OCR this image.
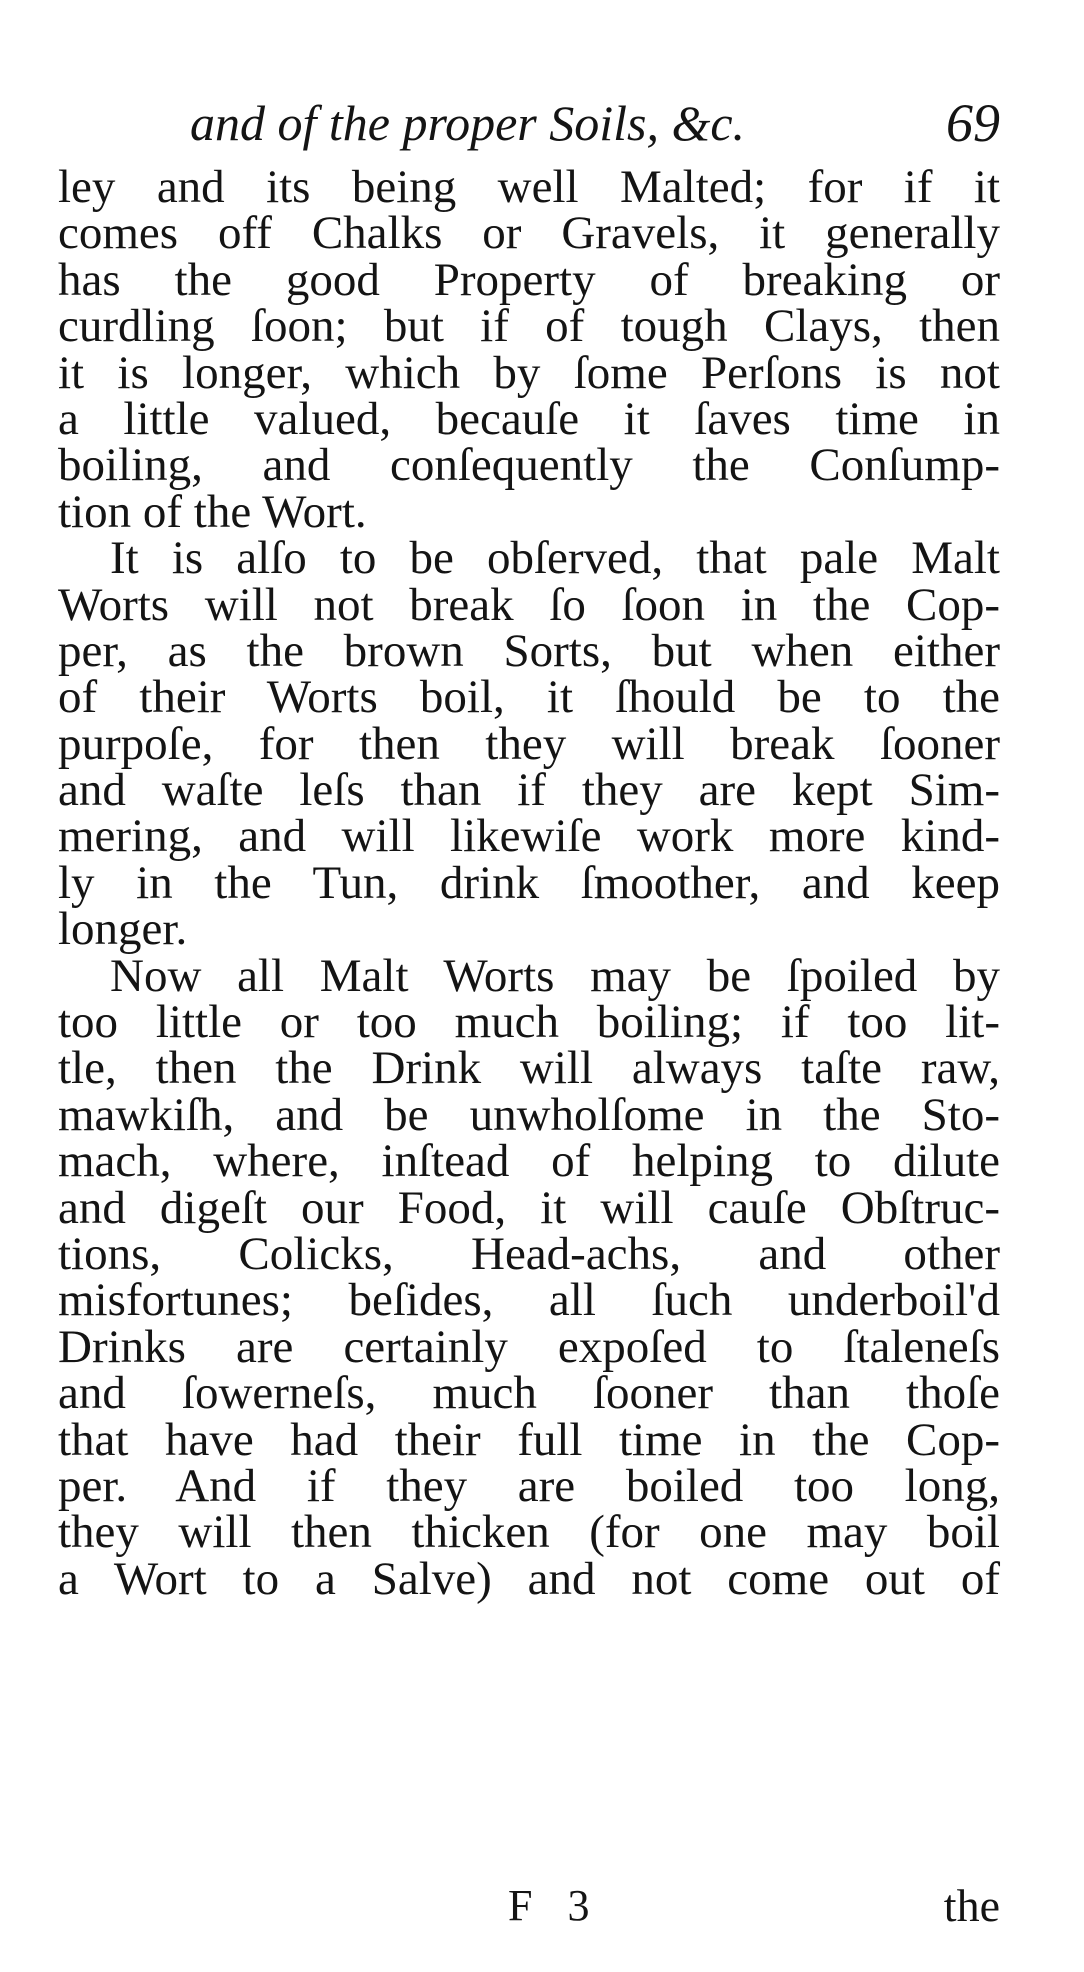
and of the proper Soils, &c.	69
ley and its being well Malted; for if it
comes off Chalks or Gravels, it generally
has the good Property of breaking or
curdling ſoon; but if of tough Clays, then
it is longer, which by ſome Perſons is not
a little valued, becauſe it ſaves time in
boiling, and conſequently the Conſump-
tion of the Wort.
It is alſo to be obſerved, that pale Malt
Worts will not break ſo ſoon in the Cop-
per, as the brown Sorts, but when either
of their Worts boil, it ſhould be to the
purpoſe, for then they will break ſooner
and waſte leſs than if they are kept Sim-
mering, and will likewiſe work more kind-
ly in the Tun, drink ſmoother, and keep
longer.
Now all Malt Worts may be ſpoiled by
too little or too much boiling; if too lit-
tle, then the Drink will always taſte raw,
mawkiſh, and be unwholſome in the Sto-
mach, where, inſtead of helping to dilute
and digeſt our Food, it will cauſe Obſtruc-
tions, Colicks, Head-achs, and other
misfortunes; beſides, all ſuch underboil'd
Drinks are certainly expoſed to ſtaleneſs
and ſowerneſs, much ſooner than thoſe
that have had their full time in the Cop-
per. And if they are boiled too long,
they will then thicken (for one may boil
a Wort to a Salve) and not come out of
F 3	the
